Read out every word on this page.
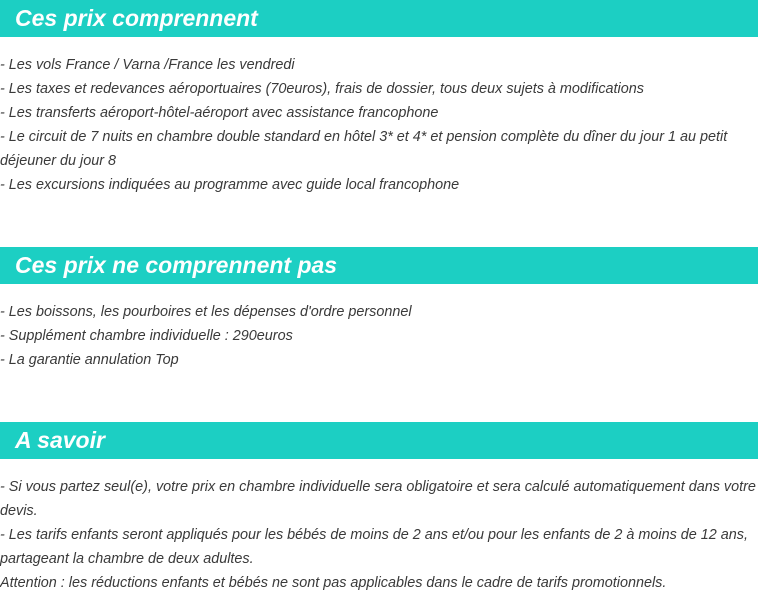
Ces prix comprennent

- Les vols France / Varna /France les vendredi

- Les taxes et redevances aéroportuaires (70euros), frais de dossier, tous deux sujets à modifications

- Les transferts aéroport-hôtel-aéroport avec assistance francophone

- Le circuit de 7 nuits en chambre double standard en hôtel 3* et 4* et pension complète du dîner du jour 1 au petit déjeuner du jour 8

- Les excursions indiquées au programme avec guide local francophone

Ces prix ne comprennent pas

- Les boissons, les pourboires et les dépenses d'ordre personnel

- Supplément chambre individuelle : 290euros

- La garantie annulation Top

A savoir

- Si vous partez seul(e), votre prix en chambre individuelle sera obligatoire et sera calculé automatiquement dans votre devis.

- Les tarifs enfants seront appliqués pour les bébés de moins de 2 ans et/ou pour les enfants de 2 à moins de 12 ans, partageant la chambre de deux adultes.

Attention : les réductions enfants et bébés ne sont pas applicables dans le cadre de tarifs promotionnels.
